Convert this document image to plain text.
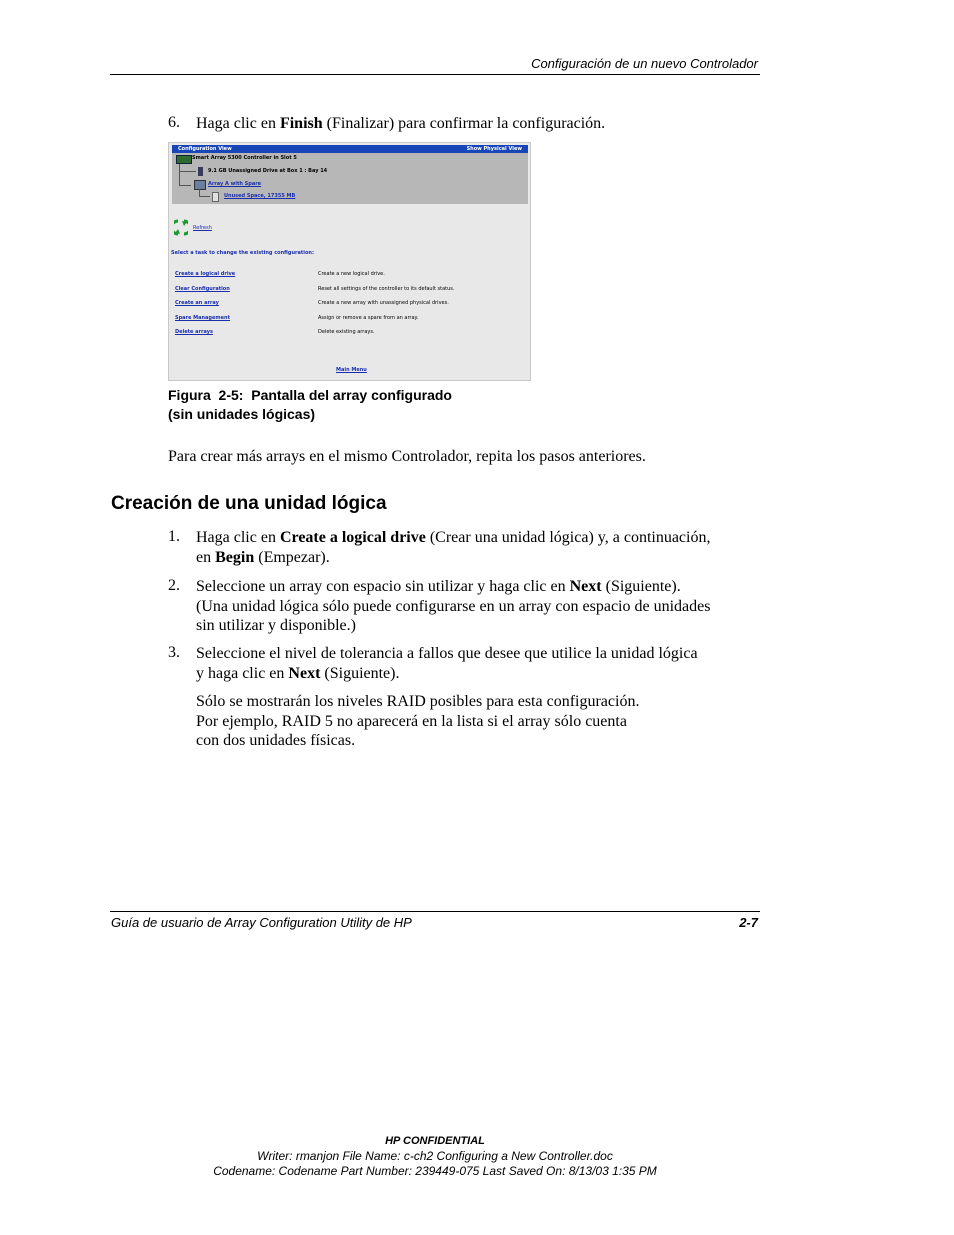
Configuración de un nuevo Controlador
6. Haga clic en Finish (Finalizar) para confirmar la configuración.
Configuration View	Show Physical View
Smart Array 5300 Controller in Slot 5
9.1 GB Unassigned Drive at Box 1 : Bay 14
Array A with Spare
Unused Space, 17355 MB
Refresh
Select a task to change the existing configuration:
Create a logical drive	Create a new logical drive.
Clear Configuration	Reset all settings of the controller to its default status.
Create an array	Create a new array with unassigned physical drives.
Spare Management	Assign or remove a spare from an array.
Delete arrays	Delete existing arrays.
Main Menu
Figura  2-5:  Pantalla del array configurado
(sin unidades lógicas)
Para crear más arrays en el mismo Controlador, repita los pasos anteriores.
Creación de una unidad lógica
1. Haga clic en Create a logical drive (Crear una unidad lógica) y, a continuación,
en Begin (Empezar).
2. Seleccione un array con espacio sin utilizar y haga clic en Next (Siguiente).
(Una unidad lógica sólo puede configurarse en un array con espacio de unidades
sin utilizar y disponible.)
3. Seleccione el nivel de tolerancia a fallos que desee que utilice la unidad lógica
y haga clic en Next (Siguiente).
Sólo se mostrarán los niveles RAID posibles para esta configuración.
Por ejemplo, RAID 5 no aparecerá en la lista si el array sólo cuenta
con dos unidades físicas.
Guía de usuario de Array Configuration Utility de HP	2-7
HP CONFIDENTIAL
Writer: rmanjon File Name: c-ch2 Configuring a New Controller.doc
Codename: Codename Part Number: 239449-075 Last Saved On: 8/13/03 1:35 PM
